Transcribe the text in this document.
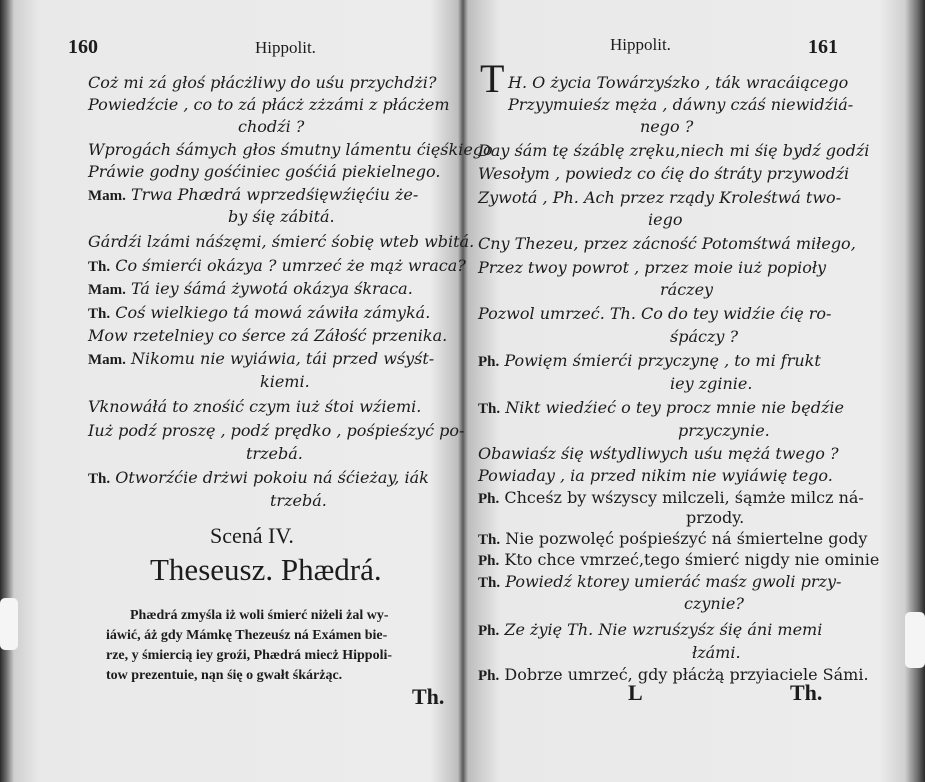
160	Hippolit.
Coż mi zá głoś płácżliwy do uśu przychdżi?
Powiedźcie , co to zá płácż zżzámi z płácżem
chodźi ?
Wprogách śámych głos śmutny lámentu ćięśkiego
Práwie godny gośćiniec gośćiá piekielnego.
Mam. Trwa Phædrá wprzedśięwźięćiu że-
by śię zábitá.
Gárdźi lzámi náśzęmi, śmierć śobię wteb wbitá.
Th. Co śmierći okázya ? umrzeć że mąż wraca?
Mam. Tá iey śámá żywotá okázya śkraca.
Th. Coś wielkiego tá mowá záwiła zámyká.
Mow rzetelniey co śerce zá Záłość przenika.
Mam. Nikomu nie wyiáwia, tái przed wśyśt-
kiemi.
Vknowáłá to znośić czym iuż śtoi wźiemi.
Iuż podź proszę , podź prędko , pośpieśzyć po-
trzebá.
Th. Otworźćie drżwi pokoiu ná śćieżay, iák
trzebá.
Scená IV.
Theseusz. Phædrá.
Phædrá zmyśla iż woli śmierć niżeli żal wy-
iáwić, áż gdy Mámkę Thezeuśz ná Exámen bie-
rze, y śmiercią iey groźi, Phædrá miecż Hippoli-
tow prezentuie, nąn śię o gwałt śkárżąc.
Th.
Hippolit.	161
T H. O życia Towárzyśzko , ták wracáiącego
Przyymuieśz męża , dáwny czáś niewidźiá-
nego ?
Day śám tę śzáblę zręku,niech mi śię bydź godźi
Wesołym , powiedz co ćię do śtráty przywodźi
Zywotá , Ph. Ach przez rządy Kroleśtwá two-
iego
Cny Thezeu, przez zácność Potomśtwá miłego,
Przez twoy powrot , przez moie iuż popioły
ráczey
Pozwol umrzeć. Th. Co do tey widźie ćię ro-
śpáczy ?
Ph. Powięm śmierći przyczynę , to mi frukt
iey zginie.
Th. Nikt wiedźieć o tey procz mnie nie będźie
przyczynie.
Obawiaśz śię wśtydliwych uśu mężá twego ?
Powiaday , ia przed nikim nie wyiáwię tego.
Ph. Chceśz by wśzyscy milczeli, śąmże milcz ná-
przody.
Th. Nie pozwolęć pośpieśzyć ná śmiertelne gody
Ph. Kto chce vmrzeć,tego śmierć nigdy nie ominie
Th. Powiedź ktorey umieráć maśz gwoli przy-
czynie?
Ph. Ze żyię Th. Nie wzruśzyśz śię áni memi
łzámi.
Ph. Dobrze umrzeć, gdy płácżą przyiaciele Sámi.
L	Th.
